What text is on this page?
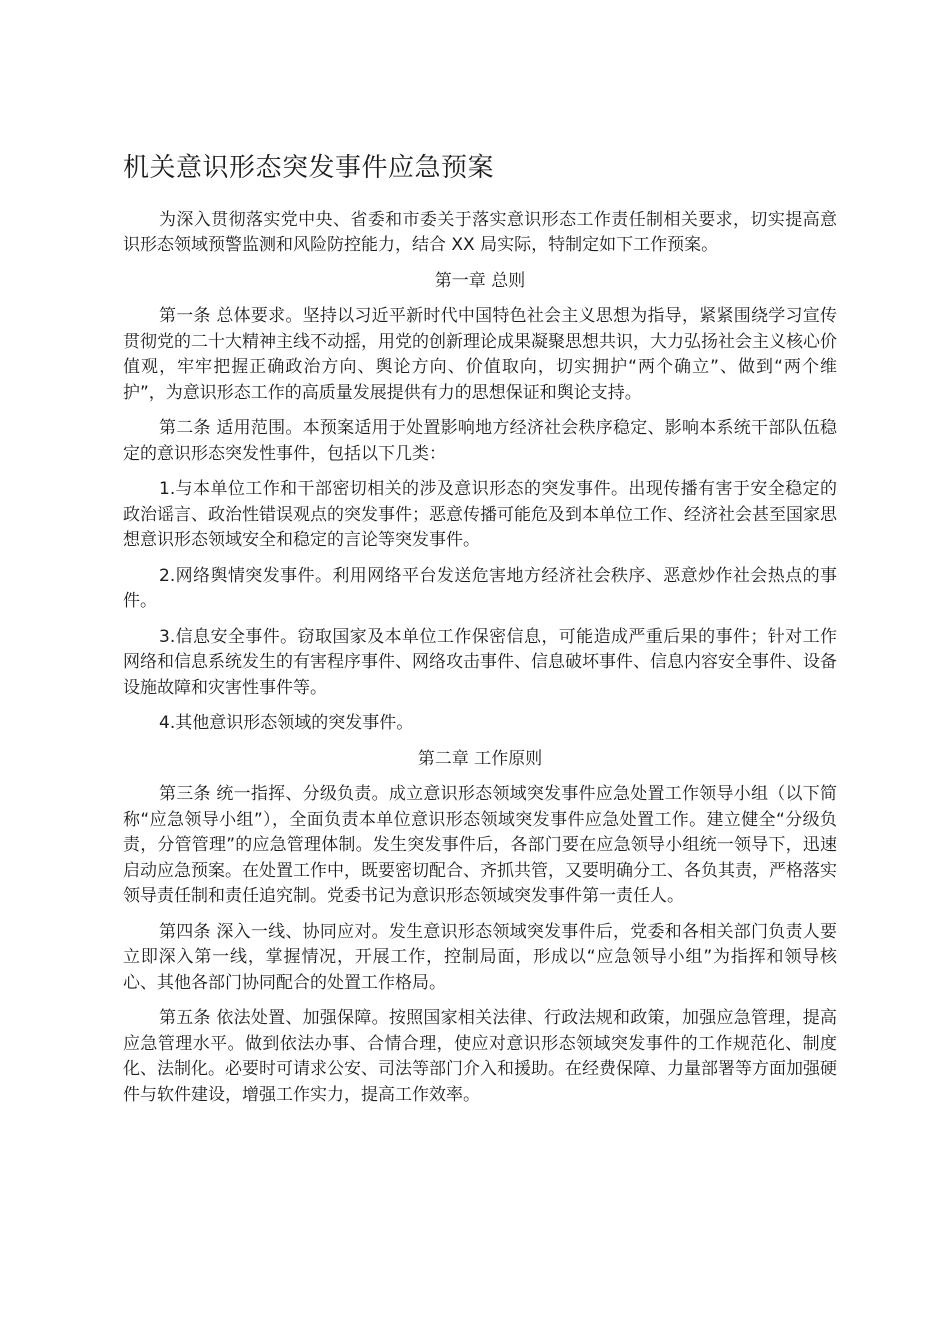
机关意识形态突发事件应急预案

为深入贯彻落实党中央、省委和市委关于落实意识形态工作责任制相关要求，切实提高意识形态领域预警监测和风险防控能力，结合 XX 局实际，特制定如下工作预案。

第一章 总则

第一条 总体要求。坚持以习近平新时代中国特色社会主义思想为指导，紧紧围绕学习宣传贯彻党的二十大精神主线不动摇，用党的创新理论成果凝聚思想共识，大力弘扬社会主义核心价值观，牢牢把握正确政治方向、舆论方向、价值取向，切实拥护“两个确立”、做到“两个维护”，为意识形态工作的高质量发展提供有力的思想保证和舆论支持。

第二条 适用范围。本预案适用于处置影响地方经济社会秩序稳定、影响本系统干部队伍稳定的意识形态突发性事件，包括以下几类：

1.与本单位工作和干部密切相关的涉及意识形态的突发事件。出现传播有害于安全稳定的政治谣言、政治性错误观点的突发事件；恶意传播可能危及到本单位工作、经济社会甚至国家思想意识形态领域安全和稳定的言论等突发事件。

2.网络舆情突发事件。利用网络平台发送危害地方经济社会秩序、恶意炒作社会热点的事件。

3.信息安全事件。窃取国家及本单位工作保密信息，可能造成严重后果的事件；针对工作网络和信息系统发生的有害程序事件、网络攻击事件、信息破坏事件、信息内容安全事件、设备设施故障和灾害性事件等。

4.其他意识形态领域的突发事件。

第二章 工作原则

第三条 统一指挥、分级负责。成立意识形态领域突发事件应急处置工作领导小组（以下简称“应急领导小组”），全面负责本单位意识形态领域突发事件应急处置工作。建立健全“分级负责，分管管理”的应急管理体制。发生突发事件后，各部门要在应急领导小组统一领导下，迅速启动应急预案。在处置工作中，既要密切配合、齐抓共管，又要明确分工、各负其责，严格落实领导责任制和责任追究制。党委书记为意识形态领域突发事件第一责任人。

第四条 深入一线、协同应对。发生意识形态领域突发事件后，党委和各相关部门负责人要立即深入第一线，掌握情况，开展工作，控制局面，形成以“应急领导小组”为指挥和领导核心、其他各部门协同配合的处置工作格局。

第五条 依法处置、加强保障。按照国家相关法律、行政法规和政策，加强应急管理，提高应急管理水平。做到依法办事、合情合理，使应对意识形态领域突发事件的工作规范化、制度化、法制化。必要时可请求公安、司法等部门介入和援助。在经费保障、力量部署等方面加强硬件与软件建设，增强工作实力，提高工作效率。
